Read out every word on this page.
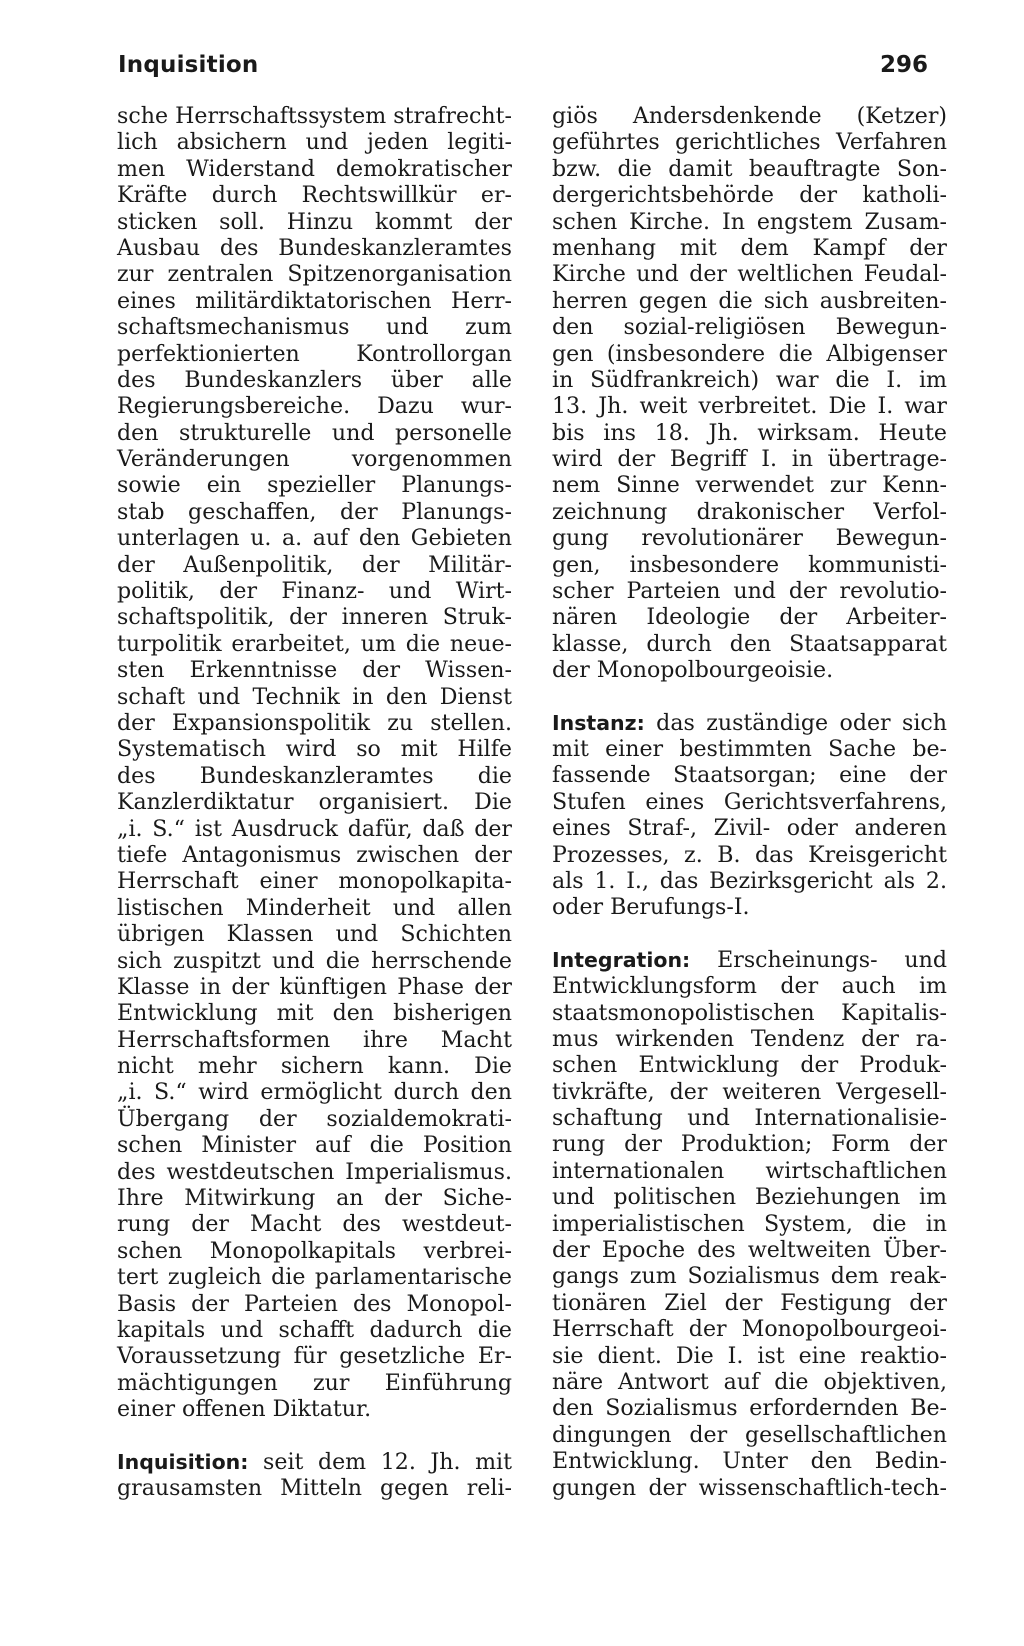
Inquisition	296
sche Herrschaftssystem strafrecht-
lich absichern und jeden legiti-
men Widerstand demokratischer
Kräfte durch Rechtswillkür er-
sticken soll. Hinzu kommt der
Ausbau des Bundeskanzleramtes
zur zentralen Spitzenorganisation
eines militärdiktatorischen Herr-
schaftsmechanismus und zum
perfektionierten Kontrollorgan
des Bundeskanzlers über alle
Regierungsbereiche. Dazu wur-
den strukturelle und personelle
Veränderungen vorgenommen
sowie ein spezieller Planungs-
stab geschaffen, der Planungs-
unterlagen u. a. auf den Gebieten
der Außenpolitik, der Militär-
politik, der Finanz- und Wirt-
schaftspolitik, der inneren Struk-
turpolitik erarbeitet, um die neue-
sten Erkenntnisse der Wissen-
schaft und Technik in den Dienst
der Expansionspolitik zu stellen.
Systematisch wird so mit Hilfe
des Bundeskanzleramtes die
Kanzlerdiktatur organisiert. Die
„i. S.“ ist Ausdruck dafür, daß der
tiefe Antagonismus zwischen der
Herrschaft einer monopolkapita-
listischen Minderheit und allen
übrigen Klassen und Schichten
sich zuspitzt und die herrschende
Klasse in der künftigen Phase der
Entwicklung mit den bisherigen
Herrschaftsformen ihre Macht
nicht mehr sichern kann. Die
„i. S.“ wird ermöglicht durch den
Übergang der sozialdemokrati-
schen Minister auf die Position
des westdeutschen Imperialismus.
Ihre Mitwirkung an der Siche-
rung der Macht des westdeut-
schen Monopolkapitals verbrei-
tert zugleich die parlamentarische
Basis der Parteien des Monopol-
kapitals und schafft dadurch die
Voraussetzung für gesetzliche Er-
mächtigungen zur Einführung
einer offenen Diktatur.
Inquisition: seit dem 12. Jh. mit
grausamsten Mitteln gegen reli-
giös Andersdenkende (Ketzer)
geführtes gerichtliches Verfahren
bzw. die damit beauftragte Son-
dergerichtsbehörde der katholi-
schen Kirche. In engstem Zusam-
menhang mit dem Kampf der
Kirche und der weltlichen Feudal-
herren gegen die sich ausbreiten-
den sozial-religiösen Bewegun-
gen (insbesondere die Albigenser
in Südfrankreich) war die I. im
13. Jh. weit verbreitet. Die I. war
bis ins 18. Jh. wirksam. Heute
wird der Begriff I. in übertrage-
nem Sinne verwendet zur Kenn-
zeichnung drakonischer Verfol-
gung revolutionärer Bewegun-
gen, insbesondere kommunisti-
scher Parteien und der revolutio-
nären Ideologie der Arbeiter-
klasse, durch den Staatsapparat
der Monopolbourgeoisie.
Instanz: das zuständige oder sich
mit einer bestimmten Sache be-
fassende Staatsorgan; eine der
Stufen eines Gerichtsverfahrens,
eines Straf-, Zivil- oder anderen
Prozesses, z. B. das Kreisgericht
als 1. I., das Bezirksgericht als 2.
oder Berufungs-I.
Integration: Erscheinungs- und
Entwicklungsform der auch im
staatsmonopolistischen Kapitalis-
mus wirkenden Tendenz der ra-
schen Entwicklung der Produk-
tivkräfte, der weiteren Vergesell-
schaftung und Internationalisie-
rung der Produktion; Form der
internationalen wirtschaftlichen
und politischen Beziehungen im
imperialistischen System, die in
der Epoche des weltweiten Über-
gangs zum Sozialismus dem reak-
tionären Ziel der Festigung der
Herrschaft der Monopolbourgeoi-
sie dient. Die I. ist eine reaktio-
näre Antwort auf die objektiven,
den Sozialismus erfordernden Be-
dingungen der gesellschaftlichen
Entwicklung. Unter den Bedin-
gungen der wissenschaftlich-tech-
